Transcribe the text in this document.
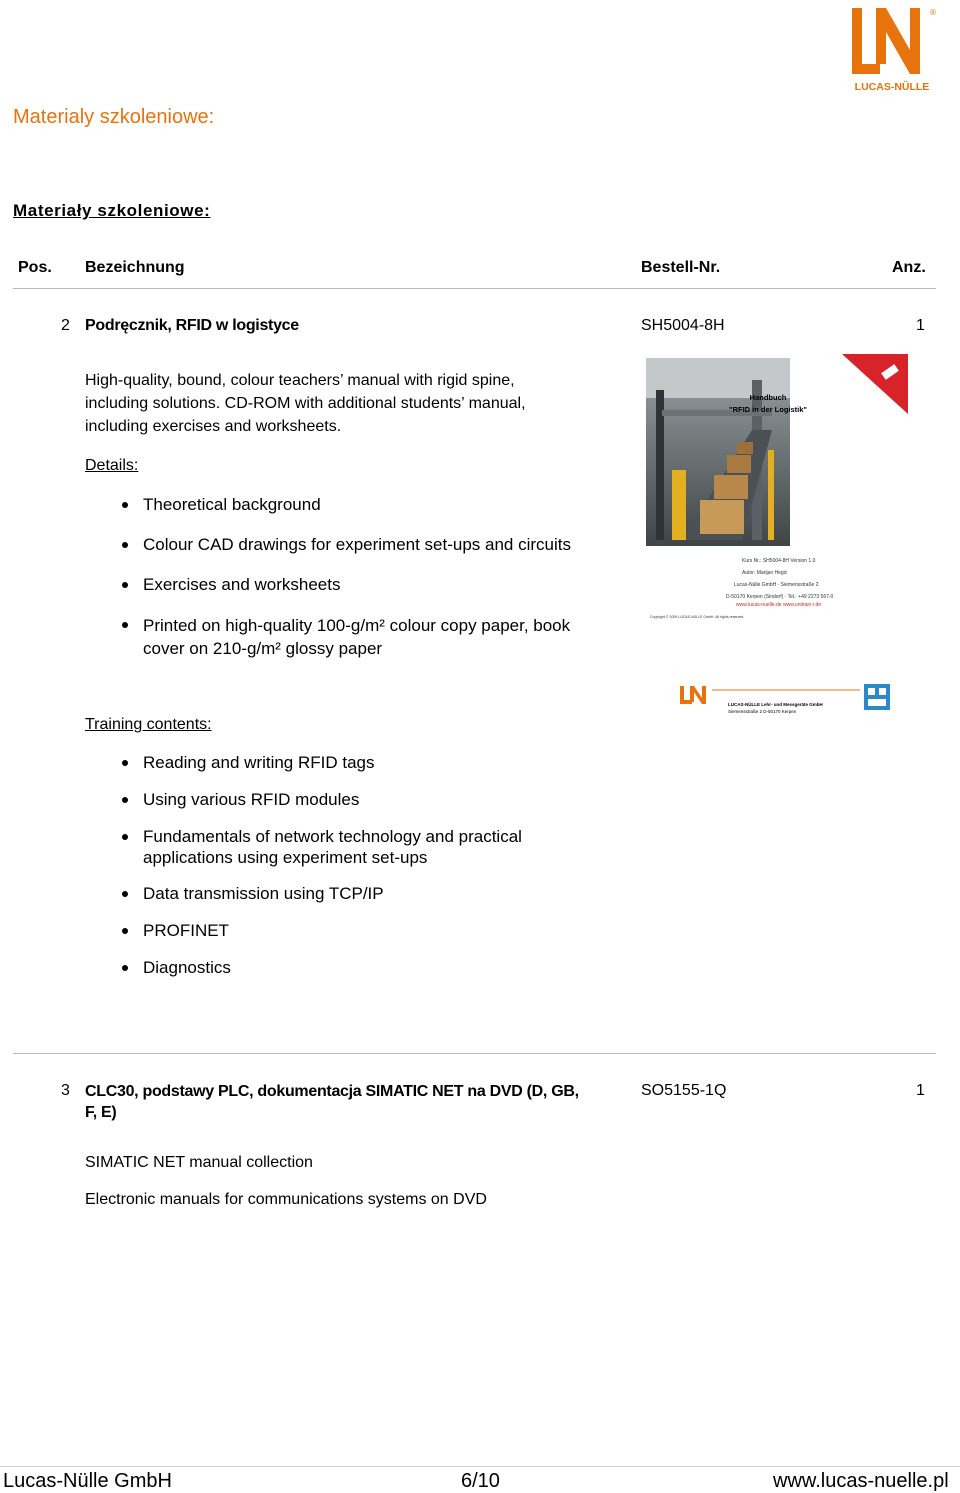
®
LUCAS-NÜLLE
Materialy szkoleniowe:
Materiały szkoleniowe:
Pos. Bezeichnung	Bestell-Nr.	Anz.
2 Podręcznik, RFID w logistyce	SH5004-8H	1
High-quality, bound, colour teachers’ manual with rigid spine,
including solutions. CD-ROM with additional students’ manual,
including exercises and worksheets.
Details:
Theoretical background
Colour CAD drawings for experiment set-ups and circuits
Exercises and worksheets
Printed on high-quality 100-g/m² colour copy paper, book cover on 210-g/m² glossy paper
Training contents:
Reading and writing RFID tags
Using various RFID modules
Fundamentals of network technology and practical applications using experiment set-ups
Data transmission using TCP/IP
PROFINET
Diagnostics
Handbuch
"RFID in der Logistik"
Kurs Nr.: SH5004-8H Version 1.0
Autor: Marijan Hegic
Lucas-Nülle GmbH · Siemensstraße 2
D-50170 Kerpen (Sindorf) · Tel.: +49 2273 567-0
www.lucas-nuelle.de www.unitrain-i.de
Copyright © 2009 LUCAS-NÜLLE GmbH. All rights reserved.
LUCAS-NÜLLE Lehr- und Messgeräte GmbH
Siemensstraße 2 D-50170 Kerpen
3 CLC30, podstawy PLC, dokumentacja SIMATIC NET na DVD (D, GB,
F, E)
SO5155-1Q	1
SIMATIC NET manual collection
Electronic manuals for communications systems on DVD
Lucas-Nülle GmbH	6/10	www.lucas-nuelle.pl
